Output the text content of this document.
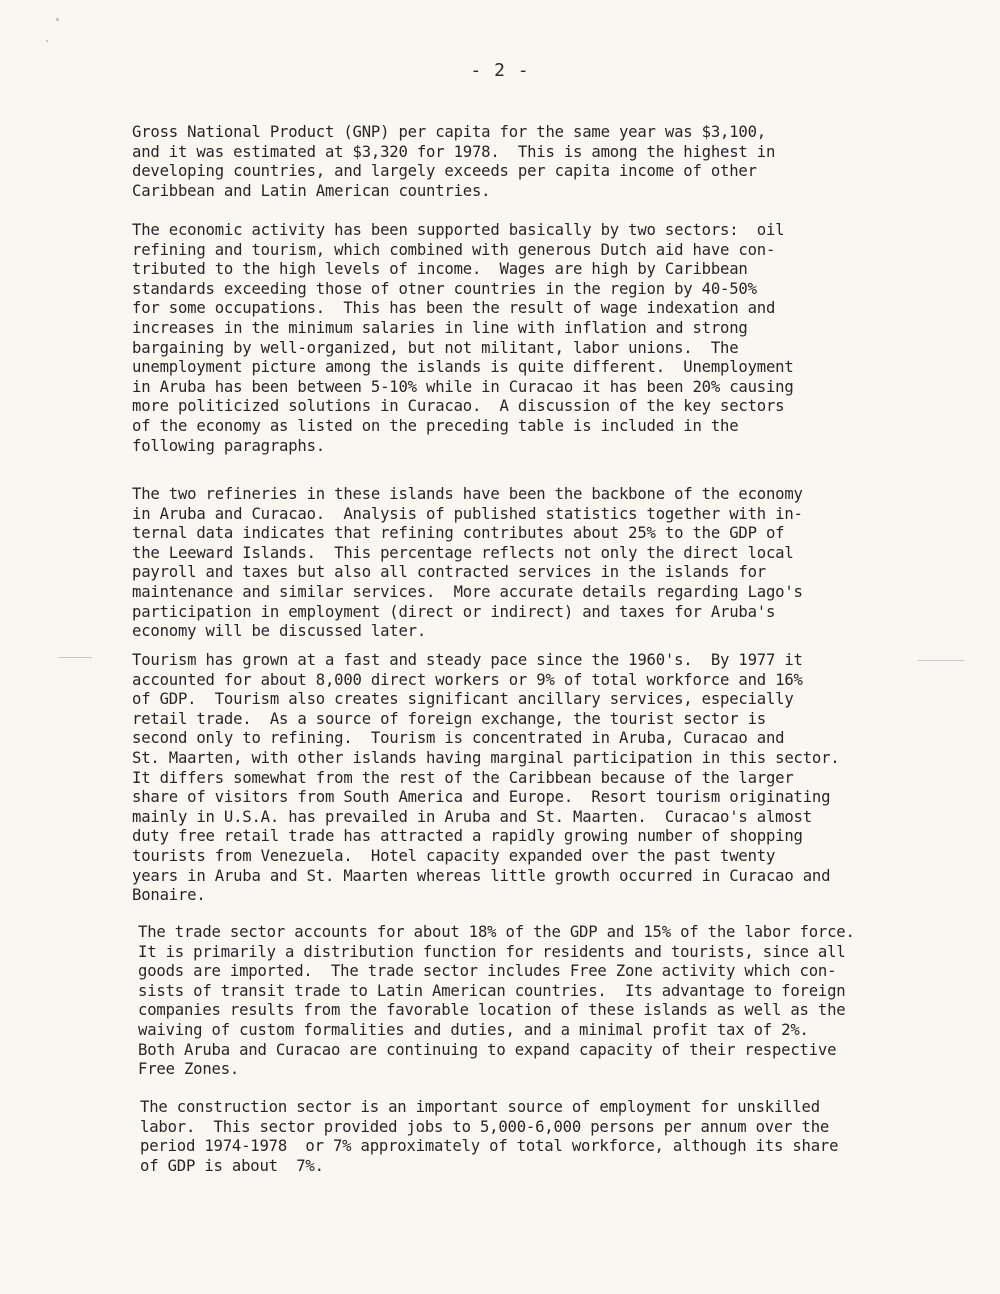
- 2 -

Gross National Product (GNP) per capita for the same year was $3,100,
and it was estimated at $3,320 for 1978.  This is among the highest in
developing countries, and largely exceeds per capita income of other
Caribbean and Latin American countries.

The economic activity has been supported basically by two sectors:  oil
refining and tourism, which combined with generous Dutch aid have con-
tributed to the high levels of income.  Wages are high by Caribbean
standards exceeding those of otner countries in the region by 40-50%
for some occupations.  This has been the result of wage indexation and
increases in the minimum salaries in line with inflation and strong
bargaining by well-organized, but not militant, labor unions.  The
unemployment picture among the islands is quite different.  Unemployment
in Aruba has been between 5-10% while in Curacao it has been 20% causing
more politicized solutions in Curacao.  A discussion of the key sectors
of the economy as listed on the preceding table is included in the
following paragraphs.

The two refineries in these islands have been the backbone of the economy
in Aruba and Curacao.  Analysis of published statistics together with in-
ternal data indicates that refining contributes about 25% to the GDP of
the Leeward Islands.  This percentage reflects not only the direct local
payroll and taxes but also all contracted services in the islands for
maintenance and similar services.  More accurate details regarding Lago's
participation in employment (direct or indirect) and taxes for Aruba's
economy will be discussed later.

Tourism has grown at a fast and steady pace since the 1960's.  By 1977 it
accounted for about 8,000 direct workers or 9% of total workforce and 16%
of GDP.  Tourism also creates significant ancillary services, especially
retail trade.  As a source of foreign exchange, the tourist sector is
second only to refining.  Tourism is concentrated in Aruba, Curacao and
St. Maarten, with other islands having marginal participation in this sector.
It differs somewhat from the rest of the Caribbean because of the larger
share of visitors from South America and Europe.  Resort tourism originating
mainly in U.S.A. has prevailed in Aruba and St. Maarten.  Curacao's almost
duty free retail trade has attracted a rapidly growing number of shopping
tourists from Venezuela.  Hotel capacity expanded over the past twenty
years in Aruba and St. Maarten whereas little growth occurred in Curacao and
Bonaire.

The trade sector accounts for about 18% of the GDP and 15% of the labor force.
It is primarily a distribution function for residents and tourists, since all
goods are imported.  The trade sector includes Free Zone activity which con-
sists of transit trade to Latin American countries.  Its advantage to foreign
companies results from the favorable location of these islands as well as the
waiving of custom formalities and duties, and a minimal profit tax of 2%.
Both Aruba and Curacao are continuing to expand capacity of their respective
Free Zones.

The construction sector is an important source of employment for unskilled
labor.  This sector provided jobs to 5,000-6,000 persons per annum over the
period 1974-1978  or 7% approximately of total workforce, although its share
of GDP is about  7%.
